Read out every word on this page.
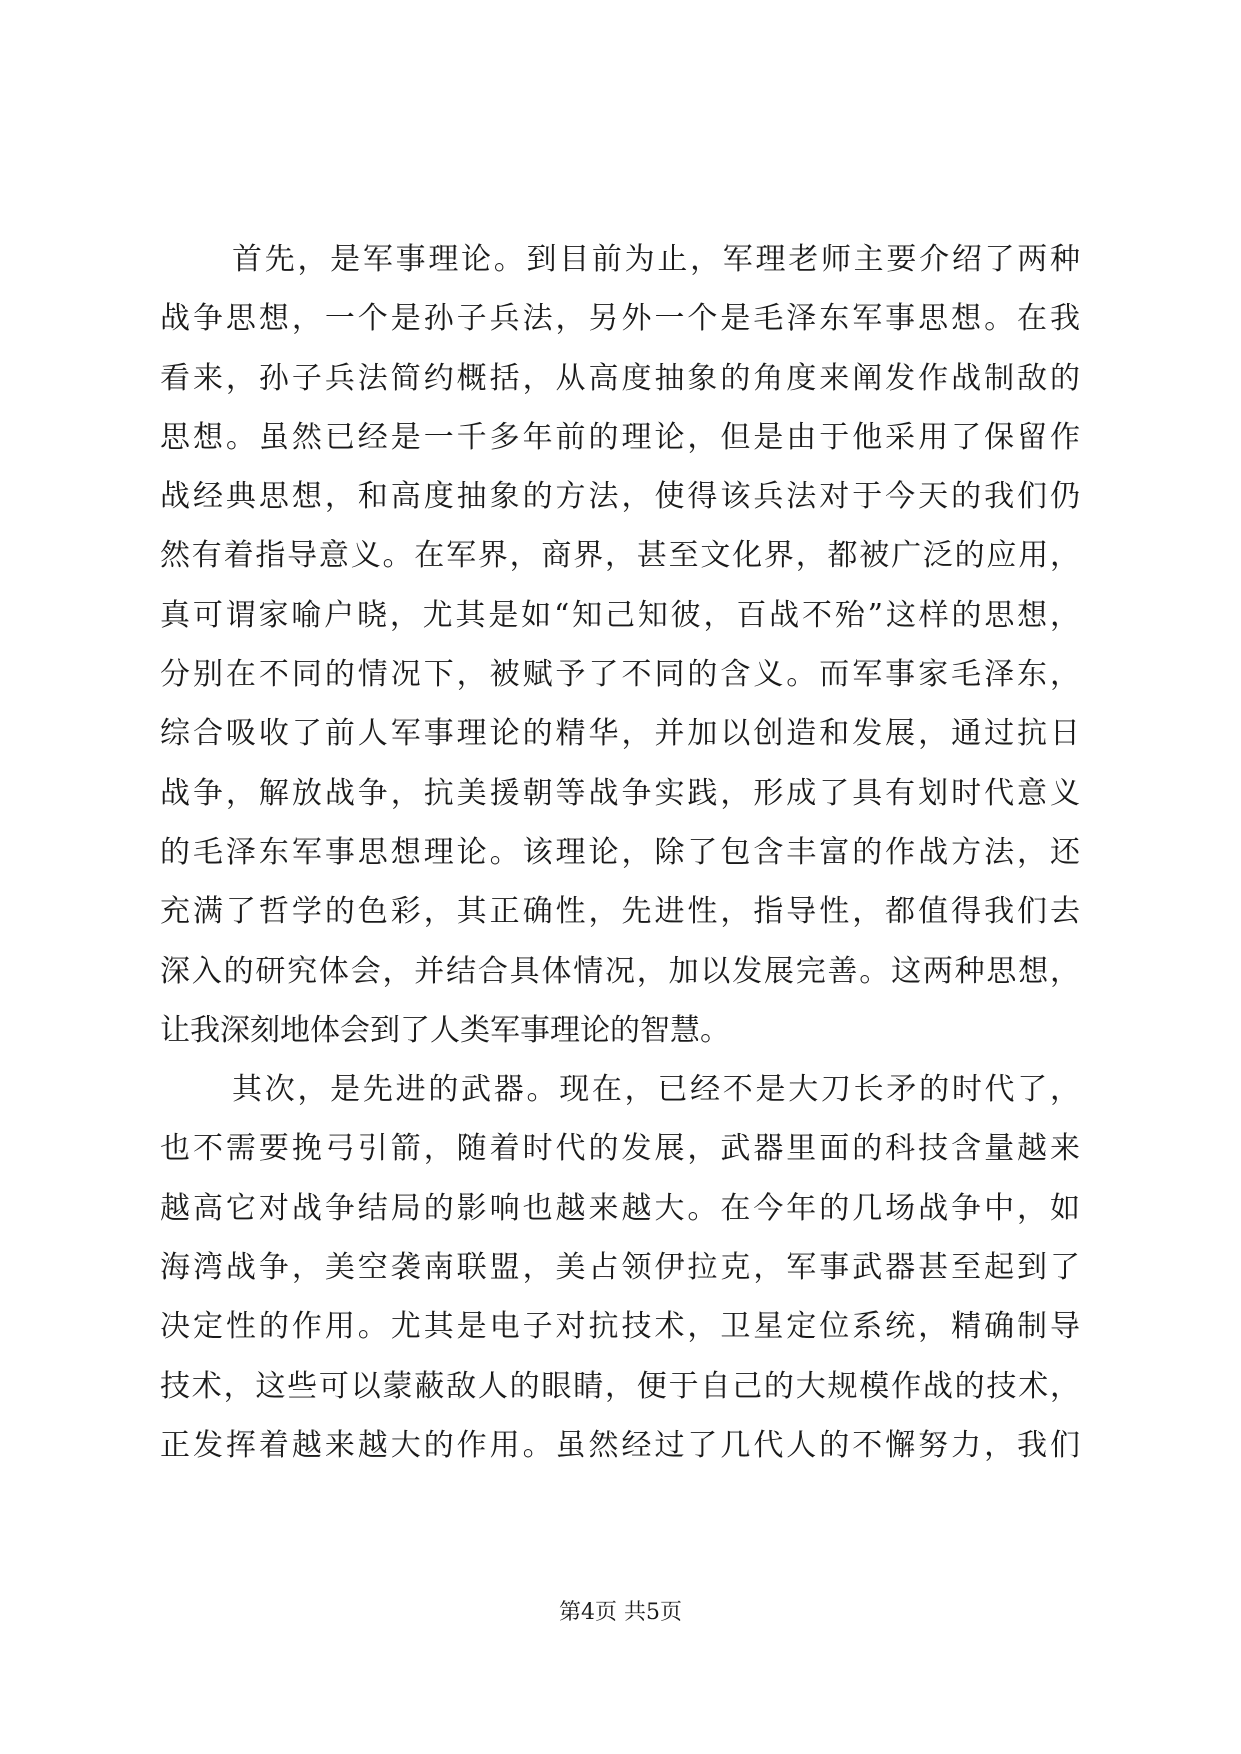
首先，是军事理论。到目前为止，军理老师主要介绍了两种
战争思想，一个是孙子兵法，另外一个是毛泽东军事思想。在我
看来，孙子兵法简约概括，从高度抽象的角度来阐发作战制敌的
思想。虽然已经是一千多年前的理论，但是由于他采用了保留作
战经典思想，和高度抽象的方法，使得该兵法对于今天的我们仍
然有着指导意义。在军界，商界，甚至文化界，都被广泛的应用，
真可谓家喻户晓，尤其是如“知己知彼，百战不殆”这样的思想，
分别在不同的情况下，被赋予了不同的含义。而军事家毛泽东，
综合吸收了前人军事理论的精华，并加以创造和发展，通过抗日
战争，解放战争，抗美援朝等战争实践，形成了具有划时代意义
的毛泽东军事思想理论。该理论，除了包含丰富的作战方法，还
充满了哲学的色彩，其正确性，先进性，指导性，都值得我们去
深入的研究体会，并结合具体情况，加以发展完善。这两种思想，
让我深刻地体会到了人类军事理论的智慧。
其次，是先进的武器。现在，已经不是大刀长矛的时代了，
也不需要挽弓引箭，随着时代的发展，武器里面的科技含量越来
越高它对战争结局的影响也越来越大。在今年的几场战争中，如
海湾战争，美空袭南联盟，美占领伊拉克，军事武器甚至起到了
决定性的作用。尤其是电子对抗技术，卫星定位系统，精确制导
技术，这些可以蒙蔽敌人的眼睛，便于自己的大规模作战的技术，
正发挥着越来越大的作用。虽然经过了几代人的不懈努力，我们
第4页 共5页
